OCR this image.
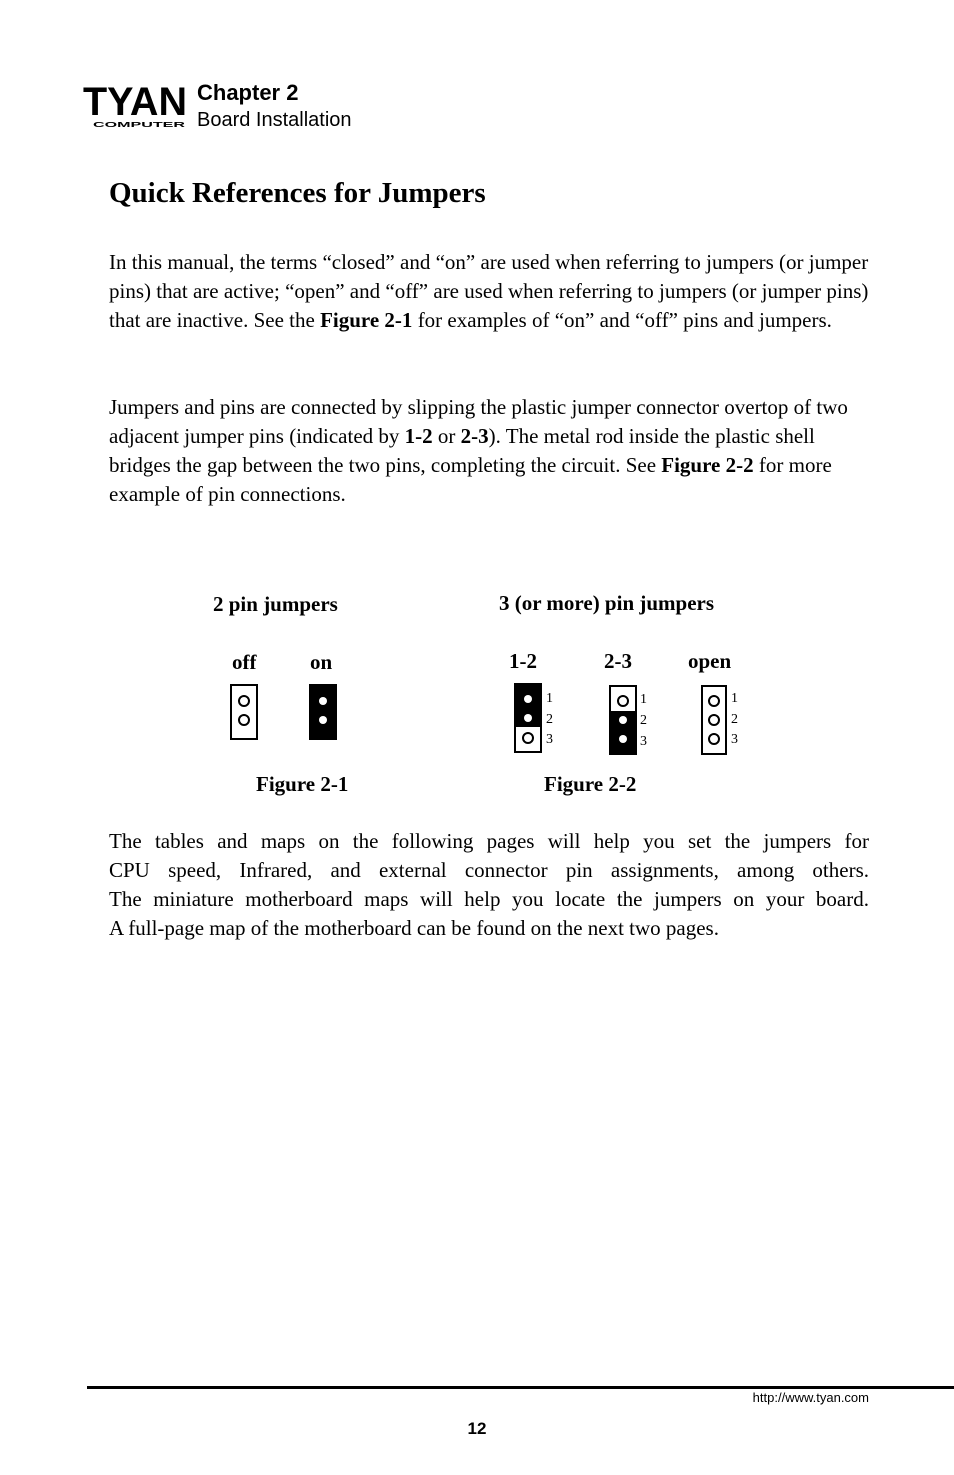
TYAN
COMPUTER
Chapter 2
Board Installation
Quick References for Jumpers

In this manual, the terms “closed” and “on” are used when referring to jumpers (or jumper pins) that are active; “open” and “off” are used when referring to jumpers (or jumper pins) that are inactive. See the Figure 2-1 for examples of “on” and “off” pins and jumpers.

Jumpers and pins are connected by slipping the plastic jumper connector overtop of two adjacent jumper pins (indicated by 1-2 or 2-3). The metal rod inside the plastic shell bridges the gap between the two pins, completing the circuit. See Figure 2-2 for more example of pin connections.

2 pin jumpers
off	on
Figure 2-1
3 (or more) pin jumpers
1-2	2-3	open
1
2
3
1
2
3
1
2
3
Figure 2-2

The tables and maps on the following pages will help you set the jumpers for
CPU speed, Infrared, and external connector pin assignments, among others.
The miniature motherboard maps will help you locate the jumpers on your board.
A full-page map of the motherboard can be found on the next two pages.

http://www.tyan.com
12
